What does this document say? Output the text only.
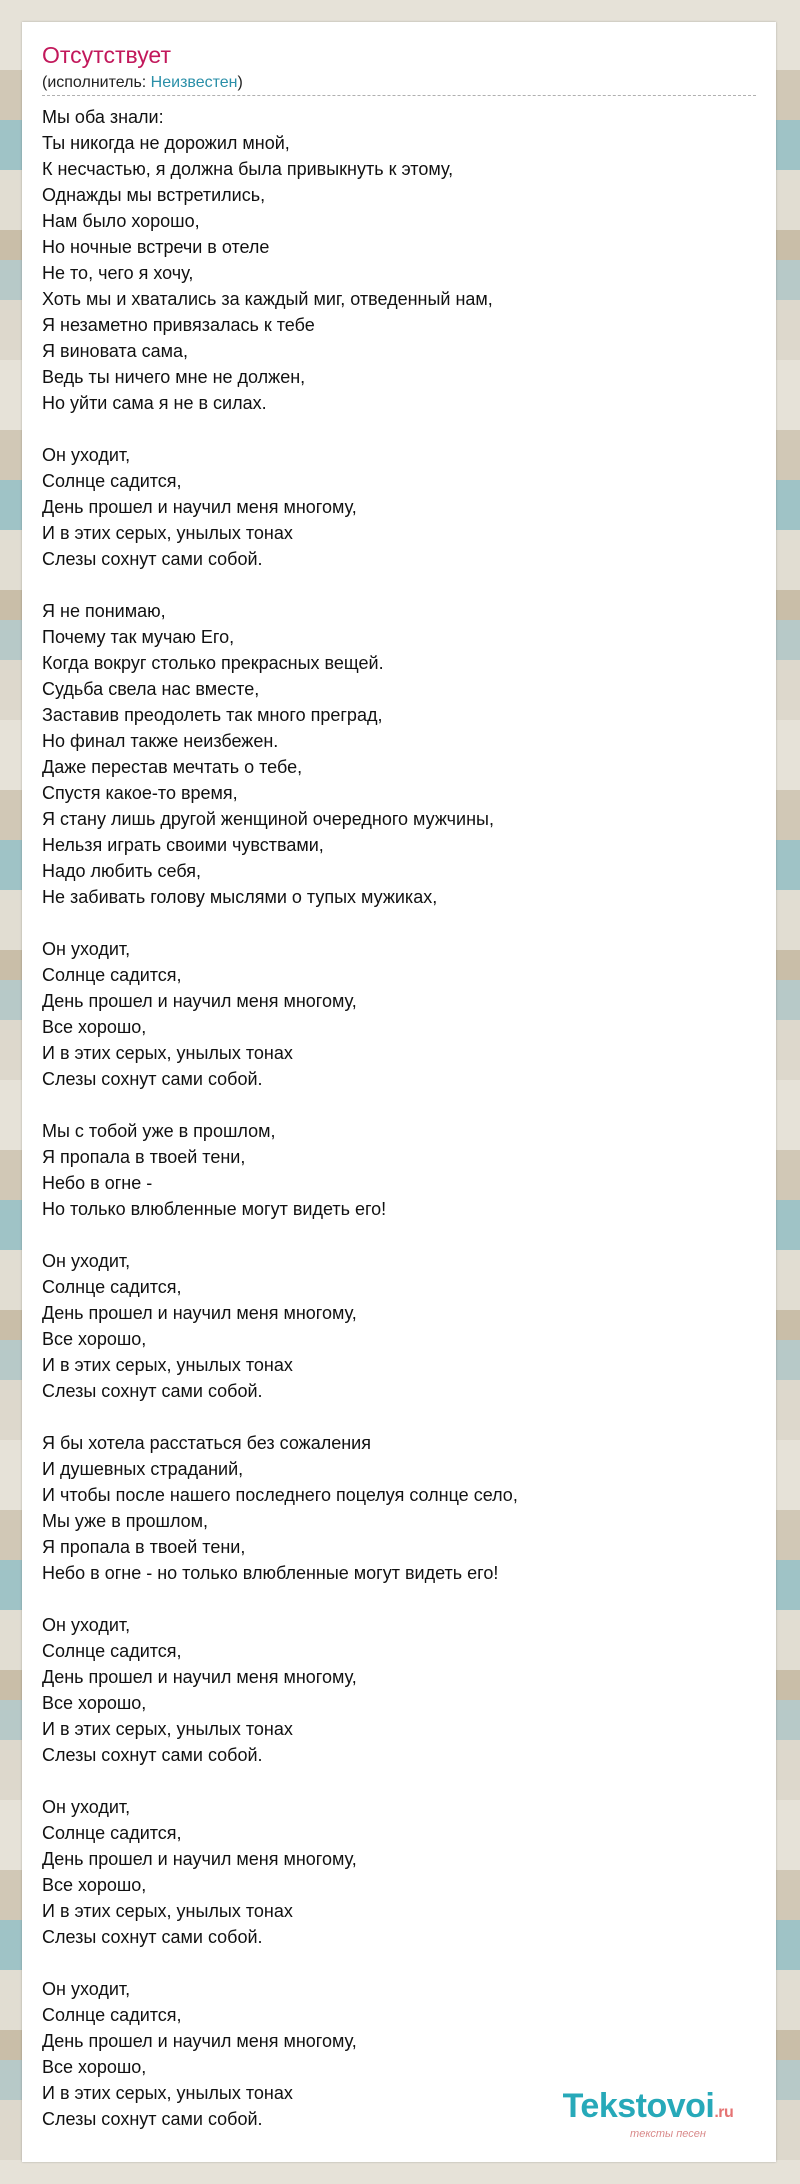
Отсутствует
(исполнитель: Неизвестен)
Мы оба знали:
Ты никогда не дорожил мной,
К несчастью, я должна была привыкнуть к этому,
Однажды мы встретились,
Нам было хорошо,
Но ночные встречи в отеле
Не то, чего я хочу,
Хоть мы и хватались за каждый миг, отведенный нам,
Я незаметно привязалась к тебе
Я виновата сама,
Ведь ты ничего мне не должен,
Но уйти сама я не в силах.
Он уходит,
Солнце садится,
День прошел и научил меня многому,
И в этих серых, унылых тонах
Слезы сохнут сами собой.
Я не понимаю,
Почему так мучаю Его,
Когда вокруг столько прекрасных вещей.
Судьба свела нас вместе,
Заставив преодолеть так много преград,
Но финал также неизбежен.
Даже перестав мечтать о тебе,
Спустя какое-то время,
Я стану лишь другой женщиной очередного мужчины,
Нельзя играть своими чувствами,
Надо любить себя,
Не забивать голову мыслями о тупых мужиках,
Он уходит,
Солнце садится,
День прошел и научил меня многому,
Все хорошо,
И в этих серых, унылых тонах
Слезы сохнут сами собой.
Мы с тобой уже в прошлом,
Я пропала в твоей тени,
Небо в огне -
Но только влюбленные могут видеть его!
Он уходит,
Солнце садится,
День прошел и научил меня многому,
Все хорошо,
И в этих серых, унылых тонах
Слезы сохнут сами собой.
Я бы хотела расстаться без сожаления
И душевных страданий,
И чтобы после нашего последнего поцелуя солнце село,
Мы уже в прошлом,
Я пропала в твоей тени,
Небо в огне - но только влюбленные могут видеть его!
Он уходит,
Солнце садится,
День прошел и научил меня многому,
Все хорошо,
И в этих серых, унылых тонах
Слезы сохнут сами собой.
Он уходит,
Солнце садится,
День прошел и научил меня многому,
Все хорошо,
И в этих серых, унылых тонах
Слезы сохнут сами собой.
Он уходит,
Солнце садится,
День прошел и научил меня многому,
Все хорошо,
И в этих серых, унылых тонах
Слезы сохнут сами собой.	Tekstovoi.ru
тексты песен
